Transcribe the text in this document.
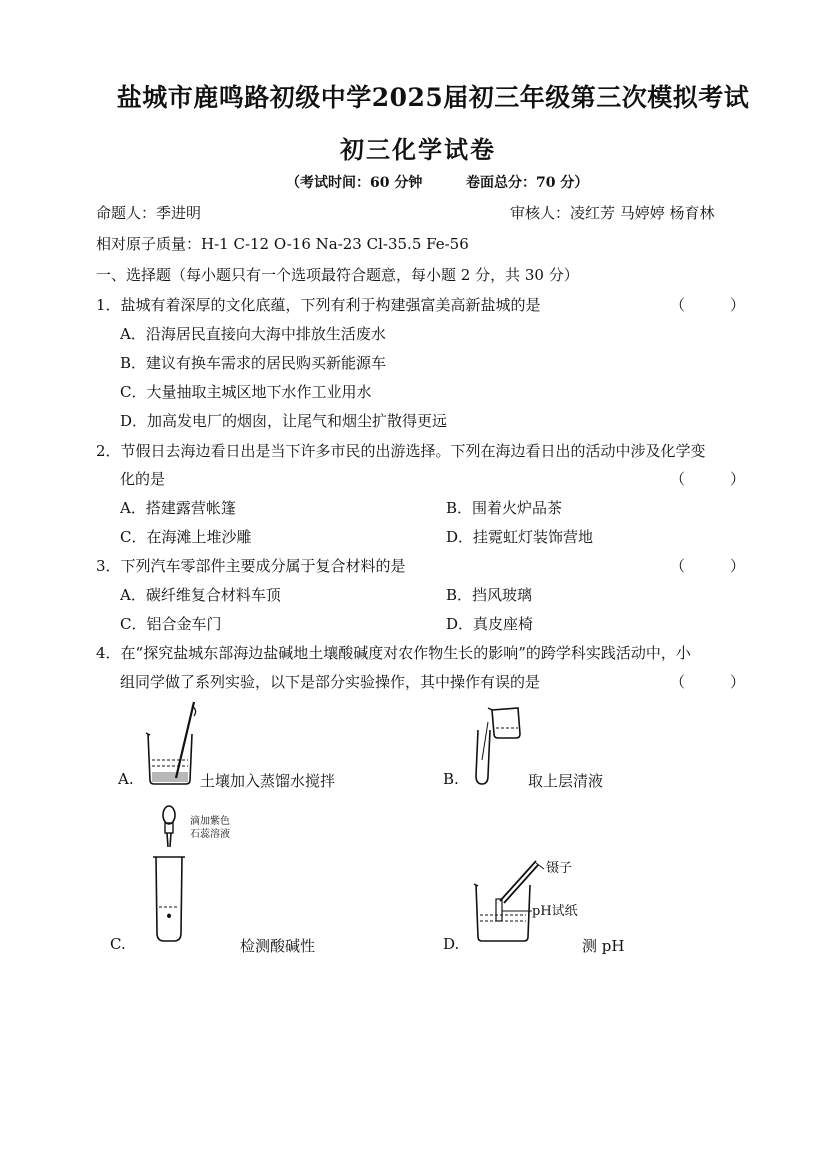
盐城市鹿鸣路初级中学2025届初三年级第三次模拟考试
初三化学试卷
（考试时间：60 分钟	卷面总分：70 分）
命题人：季进明	审核人：凌红芳 马婷婷 杨育林
相对原子质量：H-1 C-12 O-16 Na-23 Cl-35.5 Fe-56
一、选择题（每小题只有一个选项最符合题意，每小题 2 分，共 30 分）
1．盐城有着深厚的文化底蕴，下列有利于构建强富美高新盐城的是	（　　　）
A．沿海居民直接向大海中排放生活废水
B．建议有换车需求的居民购买新能源车
C．大量抽取主城区地下水作工业用水
D．加高发电厂的烟囱，让尾气和烟尘扩散得更远
2．节假日去海边看日出是当下许多市民的出游选择。下列在海边看日出的活动中涉及化学变
化的是	（　　　）
A．搭建露营帐篷	B．围着火炉品茶
C．在海滩上堆沙雕	D．挂霓虹灯装饰营地
3．下列汽车零部件主要成分属于复合材料的是	（　　　）
A．碳纤维复合材料车顶	B．挡风玻璃
C．铝合金车门	D．真皮座椅
4．在“探究盐城东部海边盐碱地土壤酸碱度对农作物生长的影响”的跨学科实践活动中，小
组同学做了系列实验，以下是部分实验操作，其中操作有误的是	（　　　）
A.	土壤加入蒸馏水搅拌	B.	取上层清液
滴加紫色
石蕊溶液
C.	检测酸碱性
镊子
pH试纸
D.	测 pH
